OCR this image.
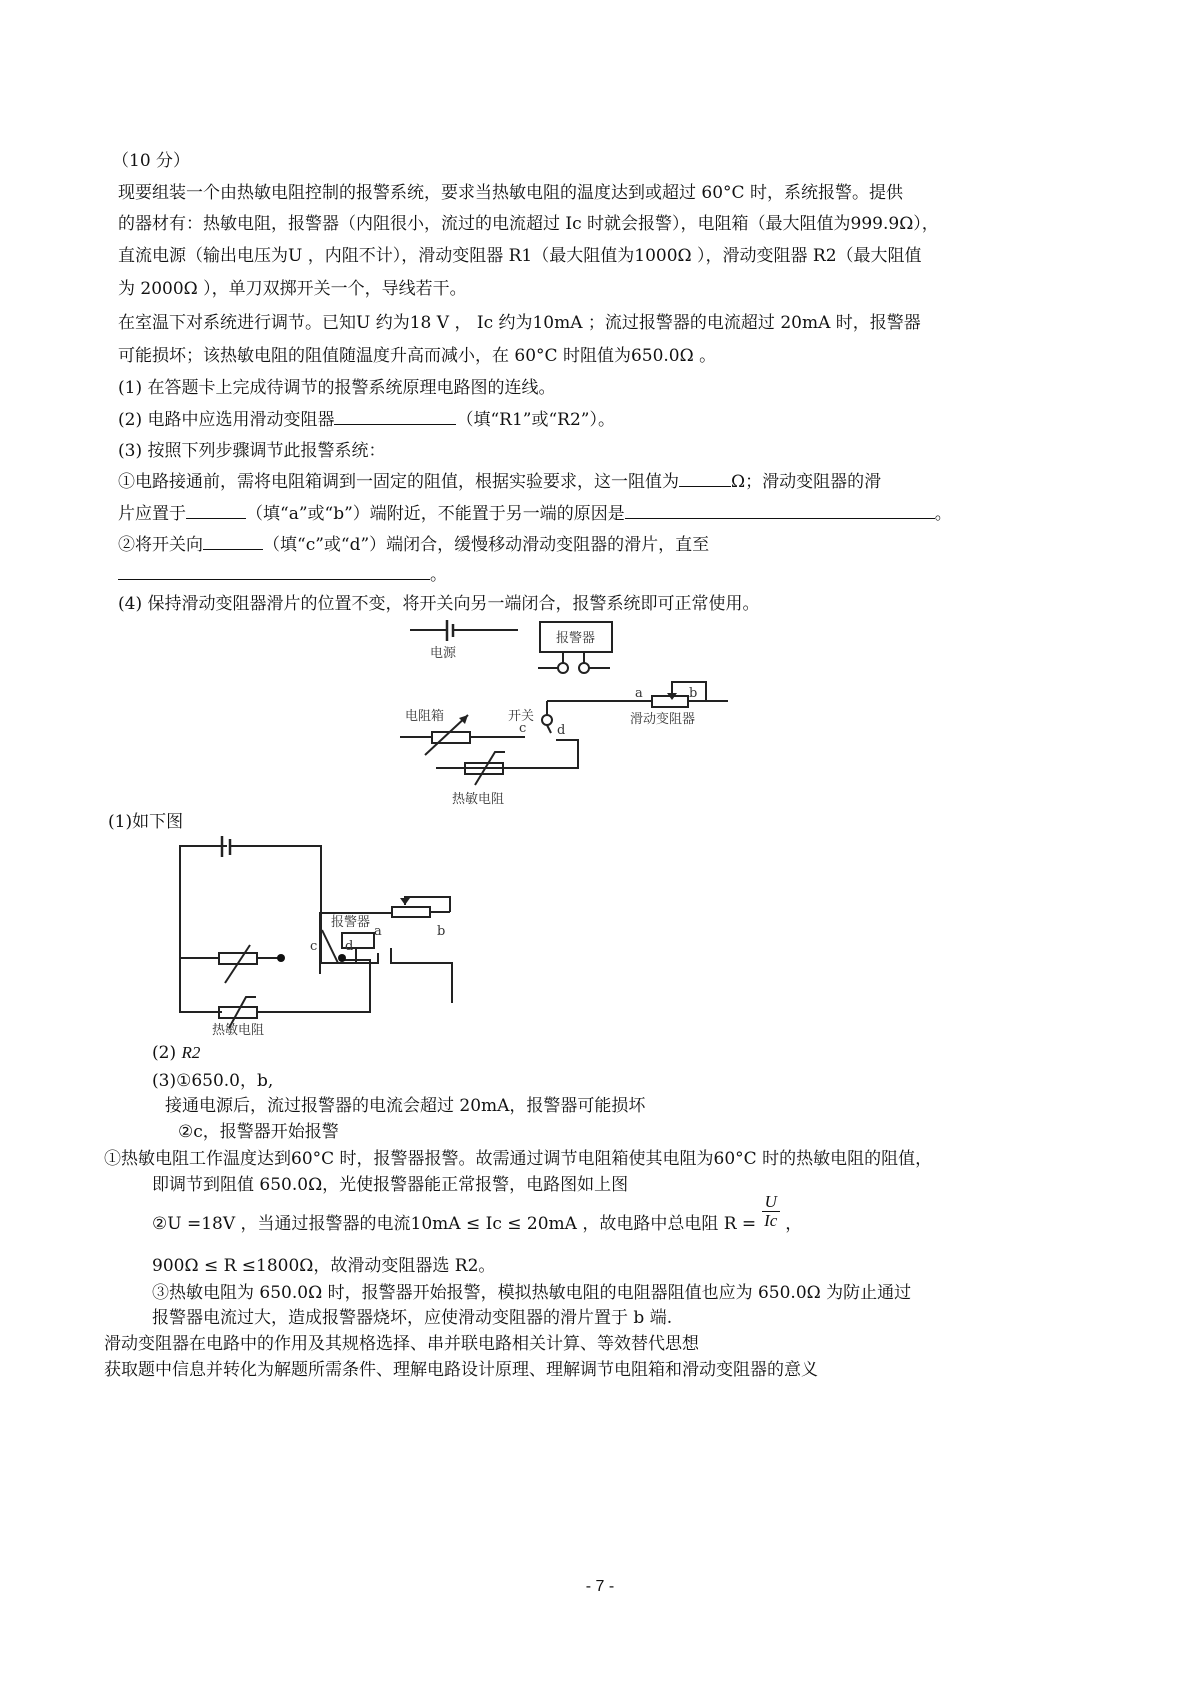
（10 分）
现要组装一个由热敏电阻控制的报警系统，要求当热敏电阻的温度达到或超过 60°C 时，系统报警。提供
的器材有：热敏电阻，报警器（内阻很小，流过的电流超过 Ic 时就会报警），电阻箱（最大阻值为999.9Ω），
直流电源（输出电压为U ，内阻不计），滑动变阻器 R1（最大阻值为1000Ω ），滑动变阻器 R2（最大阻值
为 2000Ω ），单刀双掷开关一个，导线若干。
在室温下对系统进行调节。已知U 约为18 V ， Ic 约为10mA ；流过报警器的电流超过 20mA 时，报警器
可能损坏；该热敏电阻的阻值随温度升高而减小，在 60°C 时阻值为650.0Ω 。
(1) 在答题卡上完成待调节的报警系统原理电路图的连线。
(2) 电路中应选用滑动变阻器	（填“R1”或“R2”）。
(3) 按照下列步骤调节此报警系统：
①电路接通前，需将电阻箱调到一固定的阻值，根据实验要求，这一阻值为	Ω；滑动变阻器的滑
片应置于	（填“a”或“b”）端附近，不能置于另一端的原因是	。
②将开关向	（填“c”或“d”）端闭合，缓慢移动滑动变阻器的滑片，直至
。
(4) 保持滑动变阻器滑片的位置不变，将开关向另一端闭合，报警系统即可正常使用。
电源
报警器
电阻箱	开关
c d
a	b
滑动变阻器
热敏电阻
(1)如下图
报警器
a	b
c d
热敏电阻
(2) R2
(3)①650.0，b,
接通电源后，流过报警器的电流会超过 20mA，报警器可能损坏
②c，报警器开始报警
①热敏电阻工作温度达到60°C 时，报警器报警。故需通过调节电阻箱使其电阻为60°C 时的热敏电阻的阻值，
即调节到阻值 650.0Ω，光使报警器能正常报警，电路图如上图
②U =18V ，当通过报警器的电流10mA ≤ Ic ≤ 20mA ，故电路中总电阻 $R = \frac{U}{Ic}$ ，
900Ω ≤ R ≤1800Ω，故滑动变阻器选 R2。
③热敏电阻为 650.0Ω 时，报警器开始报警，模拟热敏电阻的电阻器阻值也应为 650.0Ω 为防止通过
报警器电流过大，造成报警器烧坏，应使滑动变阻器的滑片置于 b 端.
滑动变阻器在电路中的作用及其规格选择、串并联电路相关计算、等效替代思想
获取题中信息并转化为解题所需条件、理解电路设计原理、理解调节电阻箱和滑动变阻器的意义
- 7 -
